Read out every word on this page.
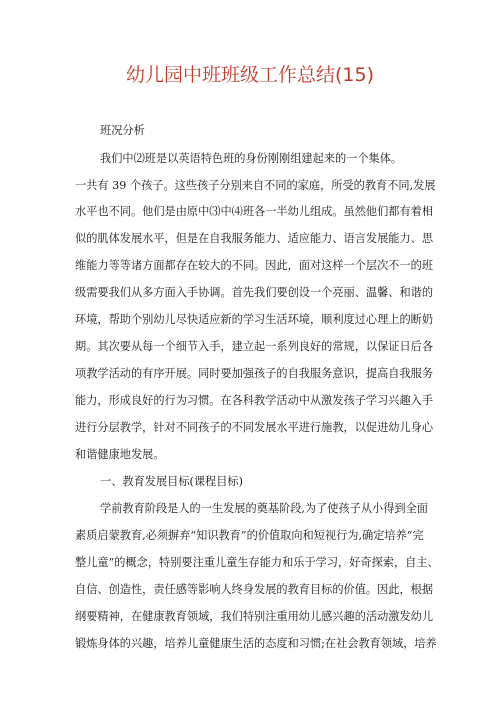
幼儿园中班班级工作总结(15)
班况分析
我们中⑵班是以英语特色班的身份刚刚组建起来的一个集体。
一共有 39 个孩子。这些孩子分别来自不同的家庭，所受的教育不同,发展
水平也不同。他们是由原中⑶中⑷班各一半幼儿组成。虽然他们都有着相
似的肌体发展水平，但是在自我服务能力、适应能力、语言发展能力、思
维能力等等诸方面都存在较大的不同。因此，面对这样一个层次不一的班
级需要我们从多方面入手协调。首先我们要创设一个亮丽、温馨、和谐的
环境，帮助个别幼儿尽快适应新的学习生活环境，顺利度过心理上的断奶
期。其次要从每一个细节入手，建立起一系列良好的常规，以保证日后各
项教学活动的有序开展。同时要加强孩子的自我服务意识，提高自我服务
能力，形成良好的行为习惯。在各科教学活动中从激发孩子学习兴趣入手
进行分层教学，针对不同孩子的不同发展水平进行施教，以促进幼儿身心
和谐健康地发展。
一、教育发展目标(课程目标)
学前教育阶段是人的一生发展的奠基阶段,为了使孩子从小得到全面
素质启蒙教育,必须摒弃“知识教育”的价值取向和短视行为,确定培养“完
整儿童”的概念，特别要注重儿童生存能力和乐于学习，好奇探索，自主、
自信、创造性，责任感等影响人终身发展的教育目标的价值。因此，根据
纲要精神，在健康教育领域，我们特别注重用幼儿感兴趣的活动激发幼儿
锻炼身体的兴趣，培养儿童健康生活的态度和习惯;在社会教育领域，培养
